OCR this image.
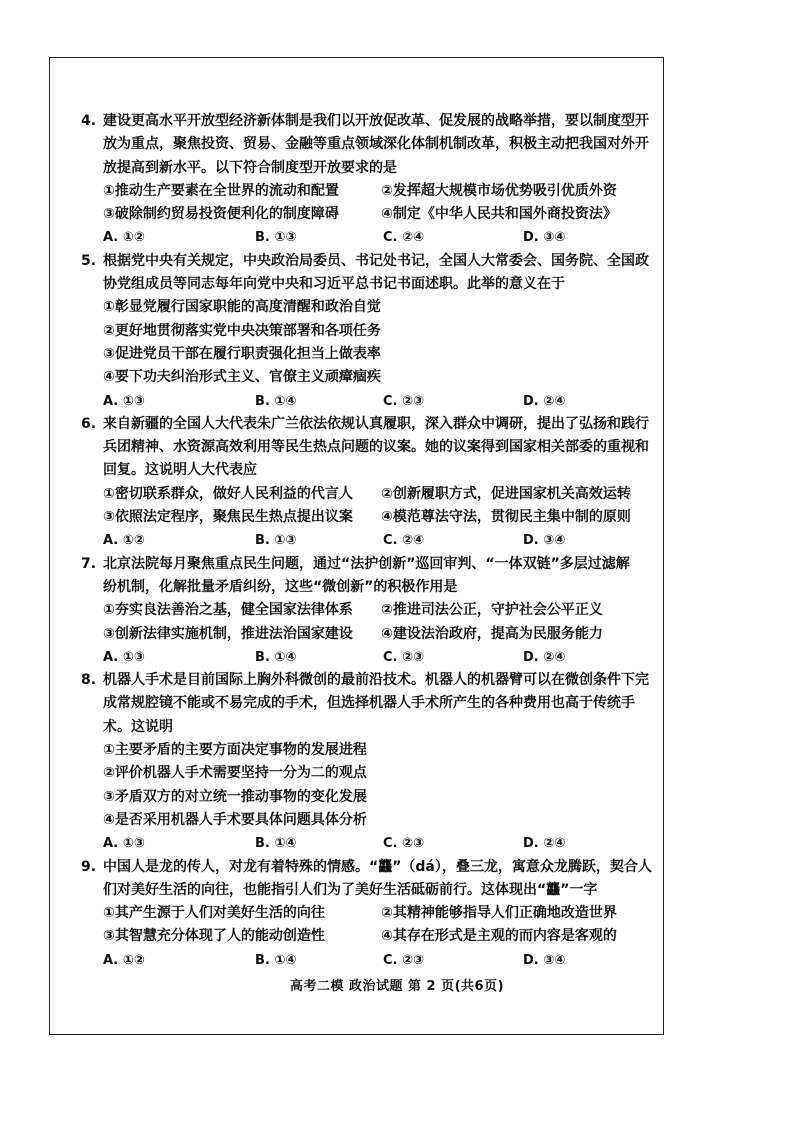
4. 建设更高水平开放型经济新体制是我们以开放促改革、促发展的战略举措，要以制度型开
放为重点，聚焦投资、贸易、金融等重点领域深化体制机制改革，积极主动把我国对外开
放提高到新水平。以下符合制度型开放要求的是
①推动生产要素在全世界的流动和配置	②发挥超大规模市场优势吸引优质外资
③破除制约贸易投资便利化的制度障碍	④制定《中华人民共和国外商投资法》
A. ①②	B. ①③	C. ②④	D. ③④
5. 根据党中央有关规定，中央政治局委员、书记处书记，全国人大常委会、国务院、全国政
协党组成员等同志每年向党中央和习近平总书记书面述职。此举的意义在于
①彰显党履行国家职能的高度清醒和政治自觉
②更好地贯彻落实党中央决策部署和各项任务
③促进党员干部在履行职责强化担当上做表率
④要下功夫纠治形式主义、官僚主义顽瘴痼疾
A. ①③	B. ①④	C. ②③	D. ②④
6. 来自新疆的全国人大代表朱广兰依法依规认真履职，深入群众中调研，提出了弘扬和践行
兵团精神、水资源高效利用等民生热点问题的议案。她的议案得到国家相关部委的重视和
回复。这说明人大代表应
①密切联系群众，做好人民利益的代言人	②创新履职方式，促进国家机关高效运转
③依照法定程序，聚焦民生热点提出议案	④模范尊法守法，贯彻民主集中制的原则
A. ①②	B. ①③	C. ②④	D. ③④
7. 北京法院每月聚焦重点民生问题，通过“法护创新”巡回审判、“一体双链”多层过滤解
纷机制，化解批量矛盾纠纷，这些“微创新”的积极作用是
①夯实良法善治之基，健全国家法律体系	②推进司法公正，守护社会公平正义
③创新法律实施机制，推进法治国家建设	④建设法治政府，提高为民服务能力
A. ①③	B. ①④	C. ②③	D. ②④
8. 机器人手术是目前国际上胸外科微创的最前沿技术。机器人的机器臂可以在微创条件下完
成常规腔镜不能或不易完成的手术，但选择机器人手术所产生的各种费用也高于传统手
术。这说明
①主要矛盾的主要方面决定事物的发展进程
②评价机器人手术需要坚持一分为二的观点
③矛盾双方的对立统一推动事物的变化发展
④是否采用机器人手术要具体问题具体分析
A. ①③	B. ①④	C. ②③	D. ②④
9. 中国人是龙的传人，对龙有着特殊的情感。“龘”（dá），叠三龙，寓意众龙腾跃，契合人
们对美好生活的向往，也能指引人们为了美好生活砥砺前行。这体现出“龘”一字
①其产生源于人们对美好生活的向往	②其精神能够指导人们正确地改造世界
③其智慧充分体现了人的能动创造性	④其存在形式是主观的而内容是客观的
A. ①②	B. ①④	C. ②③	D. ③④
高考二模 政治试题 第 2 页(共6页)
